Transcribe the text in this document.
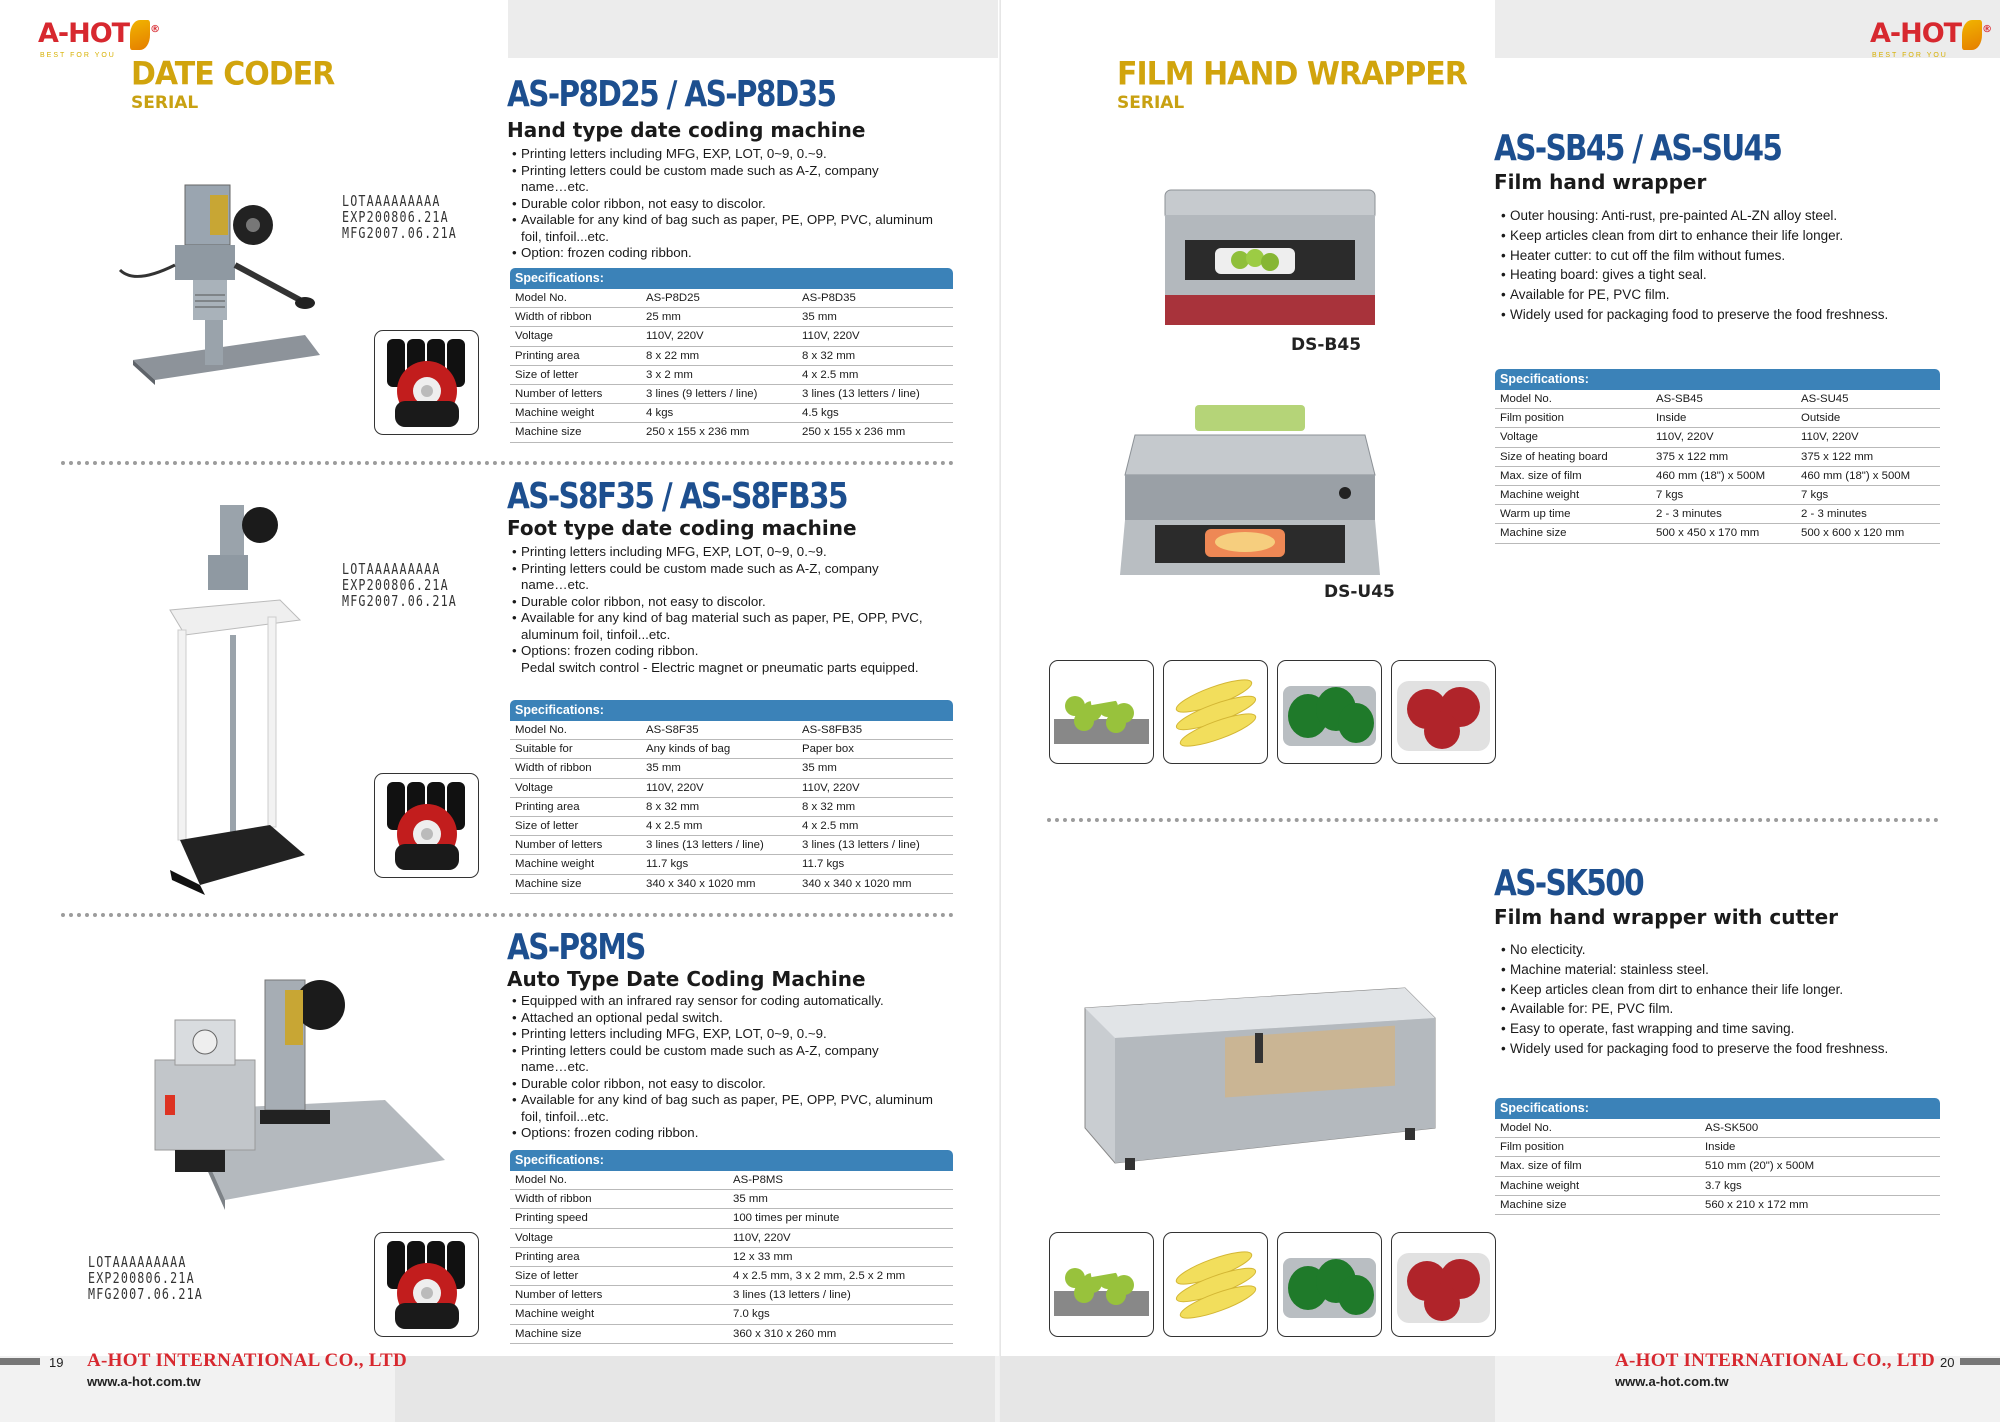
A-HOT ®
BEST FOR YOU
DATE CODER
SERIAL	AS-P8D25 / AS-P8D35
Hand type date coding machine
• Printing letters including MFG, EXP, LOT, 0~9, 0.~9.
• Printing letters could be custom made such as A-Z, company
name…etc.
• Durable color ribbon, not easy to discolor.
• Available for any kind of bag such as paper, PE, OPP, PVC, aluminum
foil, tinfoil...etc.
• Option: frozen coding ribbon.
Specifications:
Model No.	AS-P8D25	AS-P8D35
Width of ribbon	25 mm	35 mm
Voltage	110V, 220V	110V, 220V
Printing area	8 x 22 mm	8 x 32 mm
Size of letter	3 x 2 mm	4 x 2.5 mm
Number of letters	3 lines (9 letters / line)	3 lines (13 letters / line)
Machine weight	4 kgs	4.5 kgs
Machine size	250 x 155 x 236 mm	250 x 155 x 236 mm
LOTAAAAAAAAA
EXP200806.21A
MFG2007.06.21A
AS-S8F35 / AS-S8FB35
Foot type date coding machine
• Printing letters including MFG, EXP, LOT, 0~9, 0.~9.
• Printing letters could be custom made such as A-Z, company
name…etc.
• Durable color ribbon, not easy to discolor.
• Available for any kind of bag material such as paper, PE, OPP, PVC,
aluminum foil, tinfoil...etc.
• Options: frozen coding ribbon.
Pedal switch control - Electric magnet or pneumatic parts equipped.
Specifications:
Model No.	AS-S8F35	AS-S8FB35
Suitable for	Any kinds of bag	Paper box
Width of ribbon	35 mm	35 mm
Voltage	110V, 220V	110V, 220V
Printing area	8 x 32 mm	8 x 32 mm
Size of letter	4 x 2.5 mm	4 x 2.5 mm
Number of letters	3 lines (13 letters / line)	3 lines (13 letters / line)
Machine weight	11.7 kgs	11.7 kgs
Machine size	340 x 340 x 1020 mm	340 x 340 x 1020 mm
LOTAAAAAAAAA
EXP200806.21A
MFG2007.06.21A
AS-P8MS
Auto Type Date Coding Machine
• Equipped with an infrared ray sensor for coding automatically.
• Attached an optional pedal switch.
• Printing letters including MFG, EXP, LOT, 0~9, 0.~9.
• Printing letters could be custom made such as A-Z, company
name…etc.
• Durable color ribbon, not easy to discolor.
• Available for any kind of bag such as paper, PE, OPP, PVC, aluminum
foil, tinfoil...etc.
• Options: frozen coding ribbon.
Specifications:
Model No.	AS-P8MS
Width of ribbon	35 mm
Printing speed	100 times per minute
Voltage	110V, 220V
Printing area	12 x 33 mm
Size of letter	4 x 2.5 mm, 3 x 2 mm, 2.5 x 2 mm
Number of letters	3 lines (13 letters / line)
Machine weight	7.0 kgs
Machine size	360 x 310 x 260 mm
LOTAAAAAAAAA
EXP200806.21A
MFG2007.06.21A
19 A-HOT INTERNATIONAL CO., LTD
www.a-hot.com.tw
A-HOT ®
BEST FOR YOU
FILM HAND WRAPPER
SERIAL
DS-B45
DS-U45
AS-SB45 / AS-SU45
Film hand wrapper
• Outer housing: Anti-rust, pre-painted AL-ZN alloy steel.
• Keep articles clean from dirt to enhance their life longer.
• Heater cutter: to cut off the film without fumes.
• Heating board: gives a tight seal.
• Available for PE, PVC film.
• Widely used for packaging food to preserve the food freshness.
Specifications:
Model No.	AS-SB45	AS-SU45
Film position	Inside	Outside
Voltage	110V, 220V	110V, 220V
Size of heating board	375 x 122 mm	375 x 122 mm
Max. size of film	460 mm (18") x 500M	460 mm (18") x 500M
Machine weight	7 kgs	7 kgs
Warm up time	2 - 3 minutes	2 - 3 minutes
Machine size	500 x 450 x 170 mm	500 x 600 x 120 mm
AS-SK500
Film hand wrapper with cutter
• No electicity.
• Machine material: stainless steel.
• Keep articles clean from dirt to enhance their life longer.
• Available for: PE, PVC film.
• Easy to operate, fast wrapping and time saving.
• Widely used for packaging food to preserve the food freshness.
Specifications:
Model No.	AS-SK500
Film position	Inside
Max. size of film	510 mm (20") x 500M
Machine weight	3.7 kgs
Machine size	560 x 210 x 172 mm
A-HOT INTERNATIONAL CO., LTD 20
www.a-hot.com.tw
